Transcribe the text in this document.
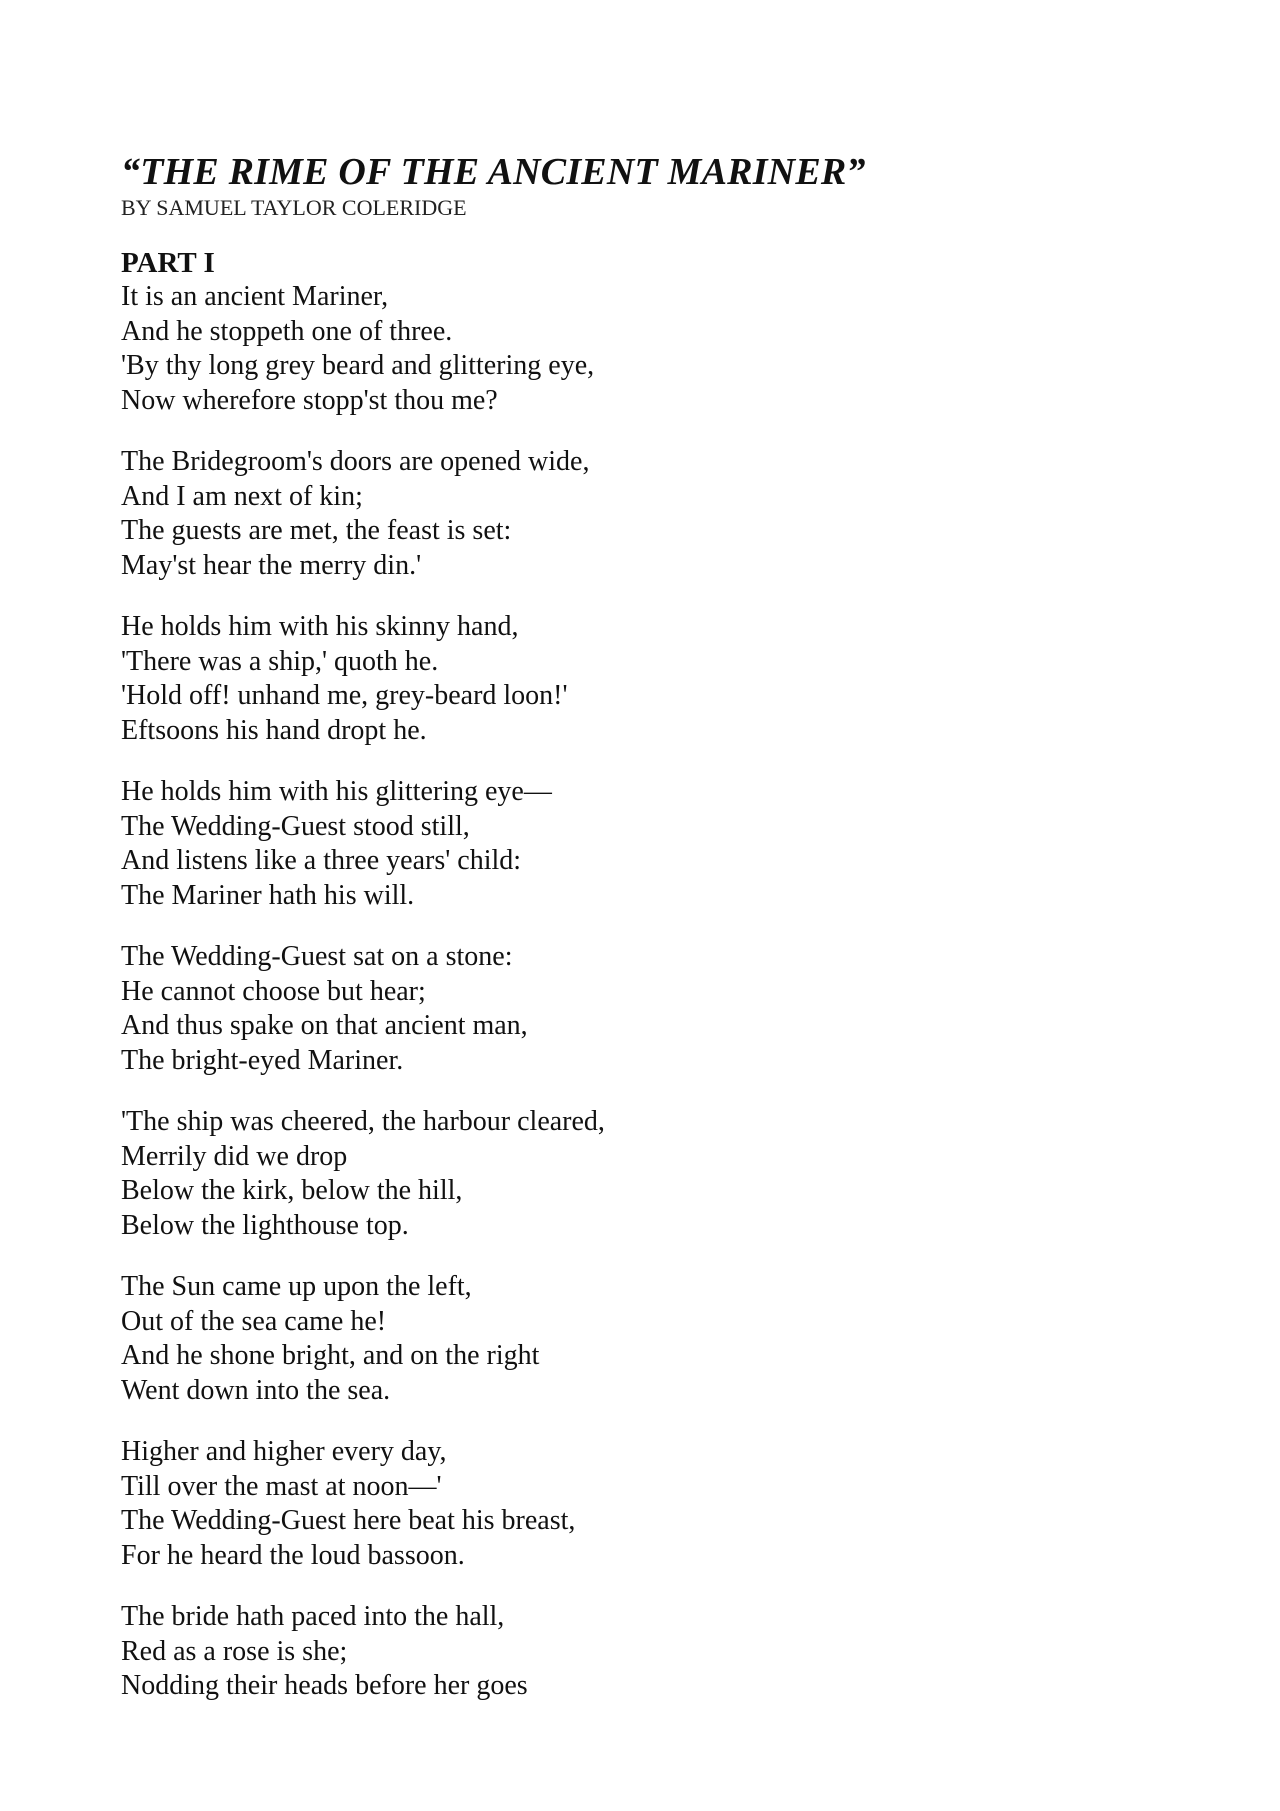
“THE RIME OF THE ANCIENT MARINER”

BY SAMUEL TAYLOR COLERIDGE

PART I
It is an ancient Mariner,
And he stoppeth one of three.
'By thy long grey beard and glittering eye,
Now wherefore stopp'st thou me?
The Bridegroom's doors are opened wide,
And I am next of kin;
The guests are met, the feast is set:
May'st hear the merry din.'
He holds him with his skinny hand,
'There was a ship,' quoth he.
'Hold off! unhand me, grey-beard loon!'
Eftsoons his hand dropt he.
He holds him with his glittering eye—
The Wedding-Guest stood still,
And listens like a three years' child:
The Mariner hath his will.
The Wedding-Guest sat on a stone:
He cannot choose but hear;
And thus spake on that ancient man,
The bright-eyed Mariner.
'The ship was cheered, the harbour cleared,
Merrily did we drop
Below the kirk, below the hill,
Below the lighthouse top.
The Sun came up upon the left,
Out of the sea came he!
And he shone bright, and on the right
Went down into the sea.
Higher and higher every day,
Till over the mast at noon—'
The Wedding-Guest here beat his breast,
For he heard the loud bassoon.
The bride hath paced into the hall,
Red as a rose is she;
Nodding their heads before her goes
